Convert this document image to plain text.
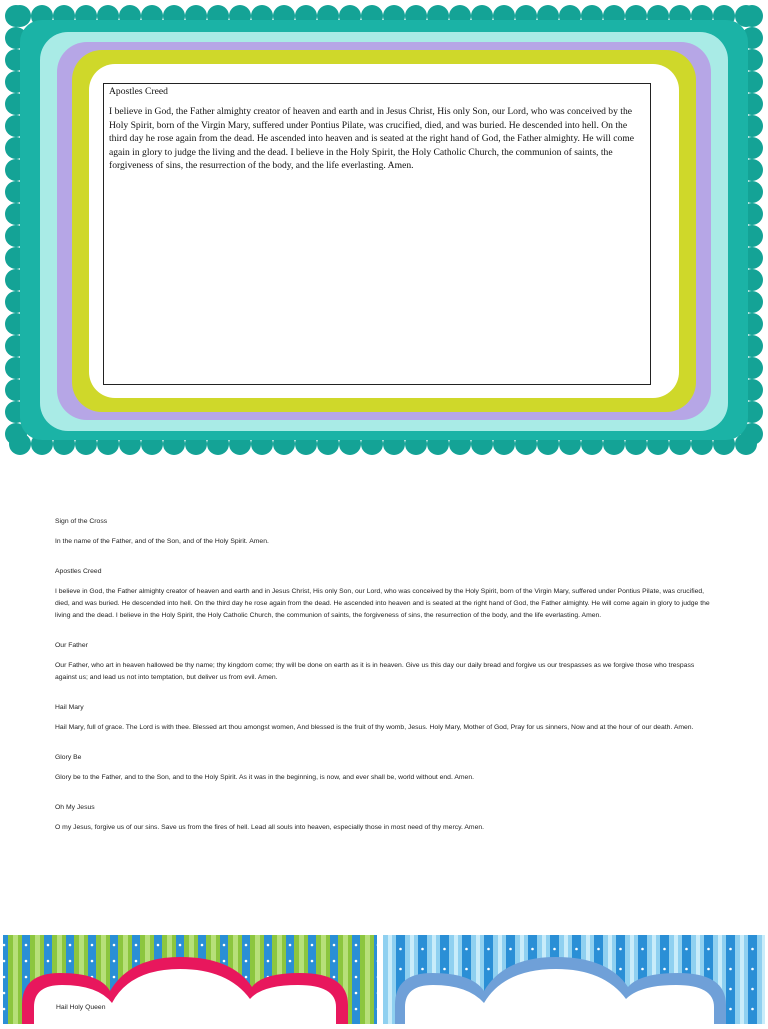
Apostles Creed

I believe in God, the Father almighty creator of heaven and earth and in Jesus Christ, His only Son, our Lord, who was conceived by the Holy Spirit, born of the Virgin Mary, suffered under Pontius Pilate, was crucified, died, and was buried. He descended into hell. On the third day he rose again from the dead. He ascended into heaven and is seated at the right hand of God, the Father almighty. He will come again in glory to judge the living and the dead. I believe in the Holy Spirit, the Holy Catholic Church, the communion of saints, the forgiveness of sins, the resurrection of the body, and the life everlasting. Amen.

Sign of the Cross

In the name of the Father, and of the Son, and of the Holy Spirit. Amen.

Apostles Creed

I believe in God, the Father almighty creator of heaven and earth and in Jesus Christ, His only Son, our Lord, who was conceived by the Holy Spirit, born of the Virgin Mary, suffered under Pontius Pilate, was crucified, died, and was buried. He descended into hell. On the third day he rose again from the dead. He ascended into heaven and is seated at the right hand of God, the Father almighty. He will come again in glory to judge the living and the dead. I believe in the Holy Spirit, the Holy Catholic Church, the communion of saints, the forgiveness of sins, the resurrection of the body, and the life everlasting. Amen.

Our Father

Our Father, who art in heaven hallowed be thy name; thy kingdom come; thy will be done on earth as it is in heaven. Give us this day our daily bread and forgive us our trespasses as we forgive those who trespass against us; and lead us not into temptation, but deliver us from evil. Amen.

Hail Mary

Hail Mary, full of grace. The Lord is with thee. Blessed art thou amongst women, And blessed is the fruit of thy womb, Jesus. Holy Mary, Mother of God, Pray for us sinners, Now and at the hour of our death. Amen.

Glory Be

Glory be to the Father, and to the Son, and to the Holy Spirit. As it was in the beginning, is now, and ever shall be, world without end. Amen.

Oh My Jesus

O my Jesus, forgive us of our sins. Save us from the fires of hell. Lead all souls into heaven, especially those in most need of thy mercy. Amen.

Hail Holy Queen
